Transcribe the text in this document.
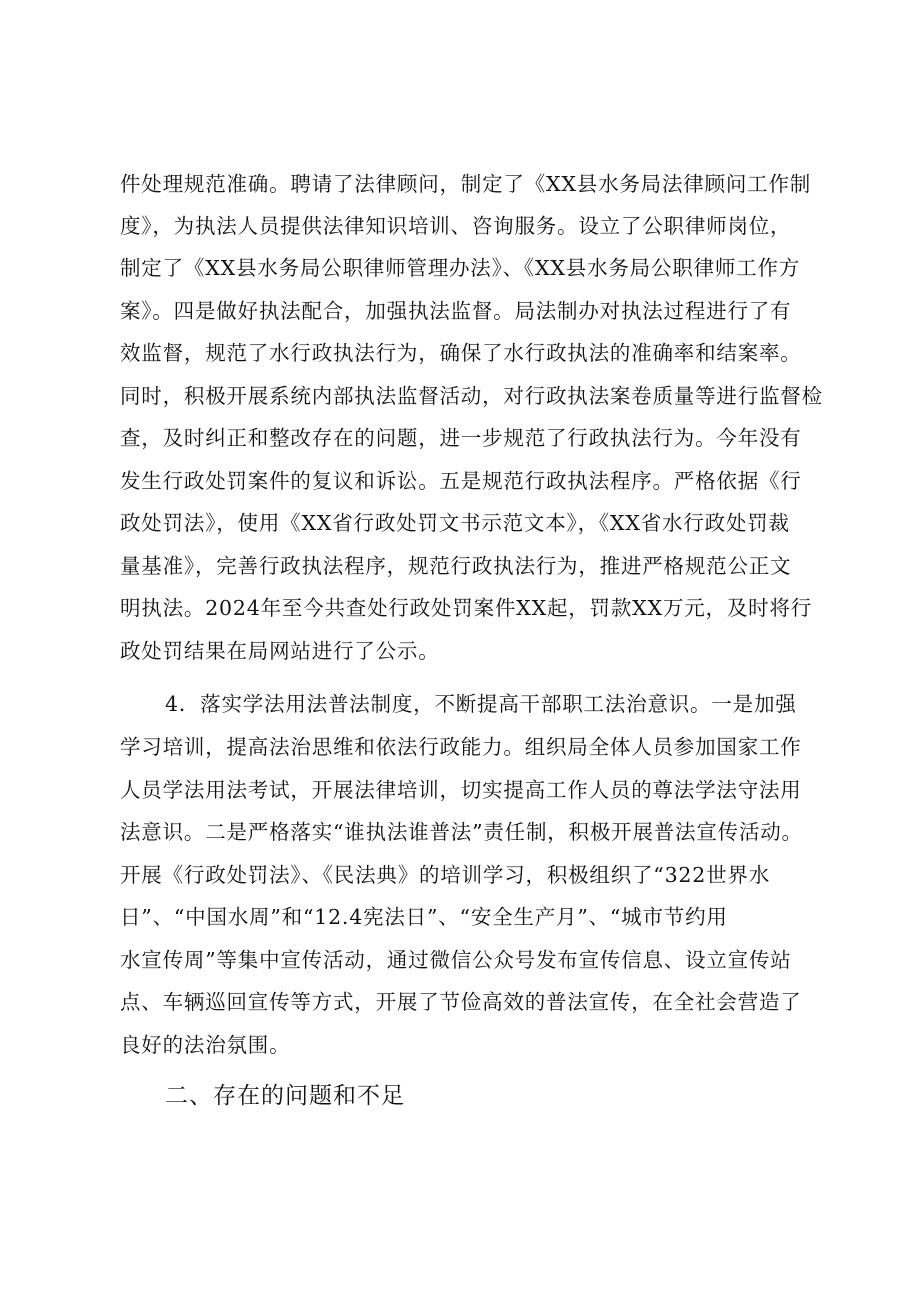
件处理规范准确。聘请了法律顾问，制定了《XX县水务局法律顾问工作制
度》，为执法人员提供法律知识培训、咨询服务。设立了公职律师岗位，
制定了《XX县水务局公职律师管理办法》、《XX县水务局公职律师工作方
案》。四是做好执法配合，加强执法监督。局法制办对执法过程进行了有
效监督，规范了水行政执法行为，确保了水行政执法的准确率和结案率。
同时，积极开展系统内部执法监督活动，对行政执法案卷质量等进行监督检
查，及时纠正和整改存在的问题，进一步规范了行政执法行为。今年没有
发生行政处罚案件的复议和诉讼。五是规范行政执法程序。严格依据《行
政处罚法》，使用《XX省行政处罚文书示范文本》，《XX省水行政处罚裁
量基准》，完善行政执法程序，规范行政执法行为，推进严格规范公正文
明执法。2024年至今共查处行政处罚案件XX起，罚款XX万元，及时将行
政处罚结果在局网站进行了公示。
4．落实学法用法普法制度，不断提高干部职工法治意识。一是加强
学习培训，提高法治思维和依法行政能力。组织局全体人员参加国家工作
人员学法用法考试，开展法律培训，切实提高工作人员的尊法学法守法用
法意识。二是严格落实“谁执法谁普法”责任制，积极开展普法宣传活动。
开展《行政处罚法》、《民法典》的培训学习，积极组织了“322世界水
日”、“中国水周”和“12.4宪法日”、“安全生产月”、“城市节约用
水宣传周”等集中宣传活动，通过微信公众号发布宣传信息、设立宣传站
点、车辆巡回宣传等方式，开展了节俭高效的普法宣传，在全社会营造了
良好的法治氛围。
二、存在的问题和不足
